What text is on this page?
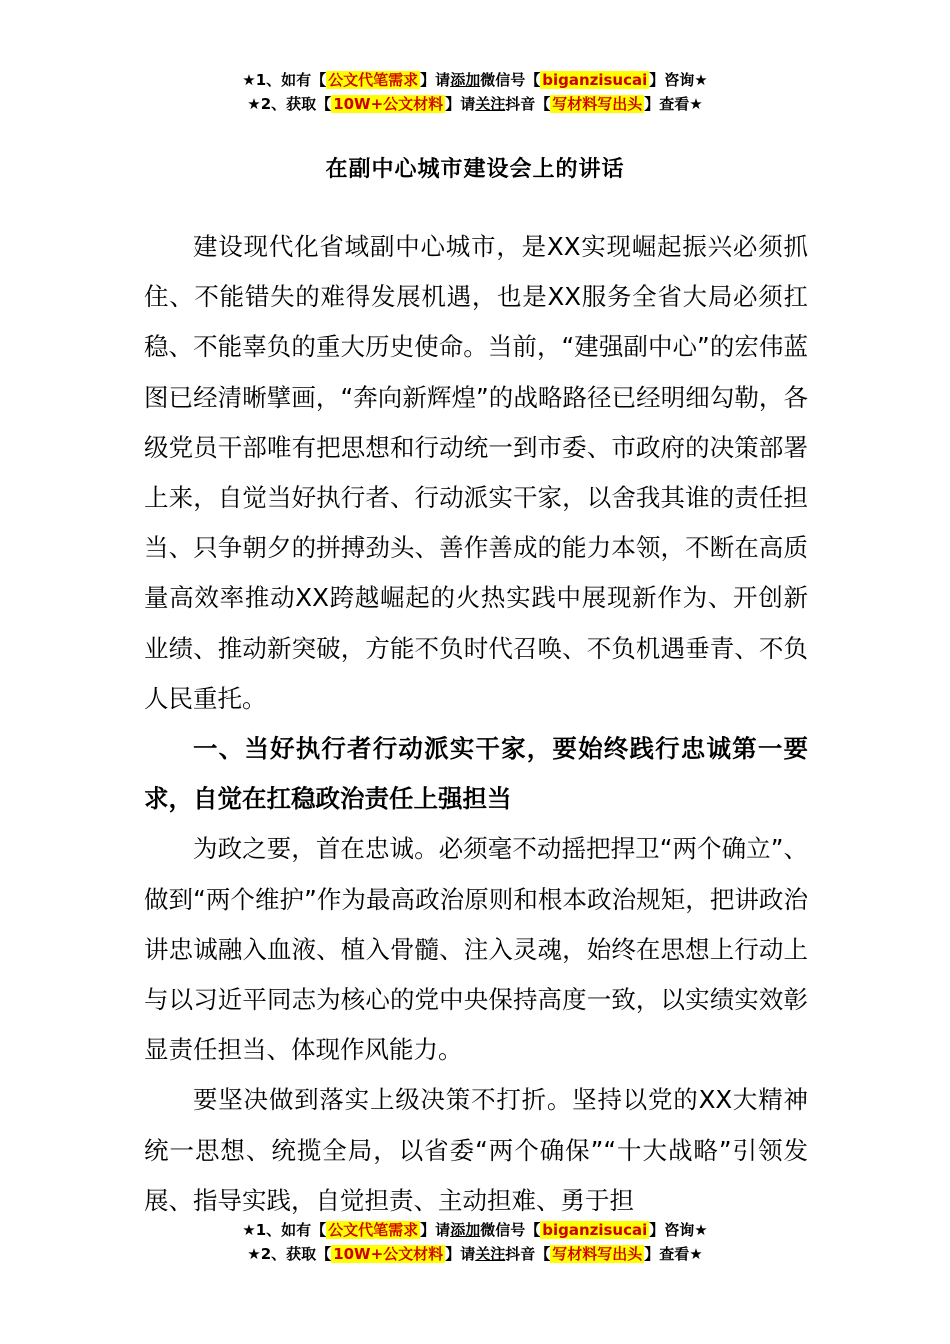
★1、如有【 公文代笔需求 】请添加微信号【 biganzisucai 】咨询★
★2、获取【 10W+公文材料 】请关注抖音【 写材料写出头 】查看★
在副中心城市建设会上的讲话

建设现代化省域副中心城市，是XX实现崛起振兴必须抓住、不能错失的难得发展机遇，也是XX服务全省大局必须扛稳、不能辜负的重大历史使命。当前，“建强副中心”的宏伟蓝图已经清晰擘画，“奔向新辉煌”的战略路径已经明细勾勒，各级党员干部唯有把思想和行动统一到市委、市政府的决策部署上来，自觉当好执行者、行动派实干家，以舍我其谁的责任担当、只争朝夕的拼搏劲头、善作善成的能力本领，不断在高质量高效率推动XX跨越崛起的火热实践中展现新作为、开创新业绩、推动新突破，方能不负时代召唤、不负机遇垂青、不负人民重托。

一、当好执行者行动派实干家，要始终践行忠诚第一要求，自觉在扛稳政治责任上强担当

为政之要，首在忠诚。必须毫不动摇把捍卫“两个确立”、做到“两个维护”作为最高政治原则和根本政治规矩，把讲政治讲忠诚融入血液、植入骨髓、注入灵魂，始终在思想上行动上与以习近平同志为核心的党中央保持高度一致，以实绩实效彰显责任担当、体现作风能力。

要坚决做到落实上级决策不打折。坚持以党的XX大精神统一思想、统揽全局，以省委“两个确保”“十大战略”引领发展、指导实践，自觉担责、主动担难、勇于担

★1、如有【 公文代笔需求 】请添加微信号【 biganzisucai 】咨询★
★2、获取【 10W+公文材料 】请关注抖音【 写材料写出头 】查看★
